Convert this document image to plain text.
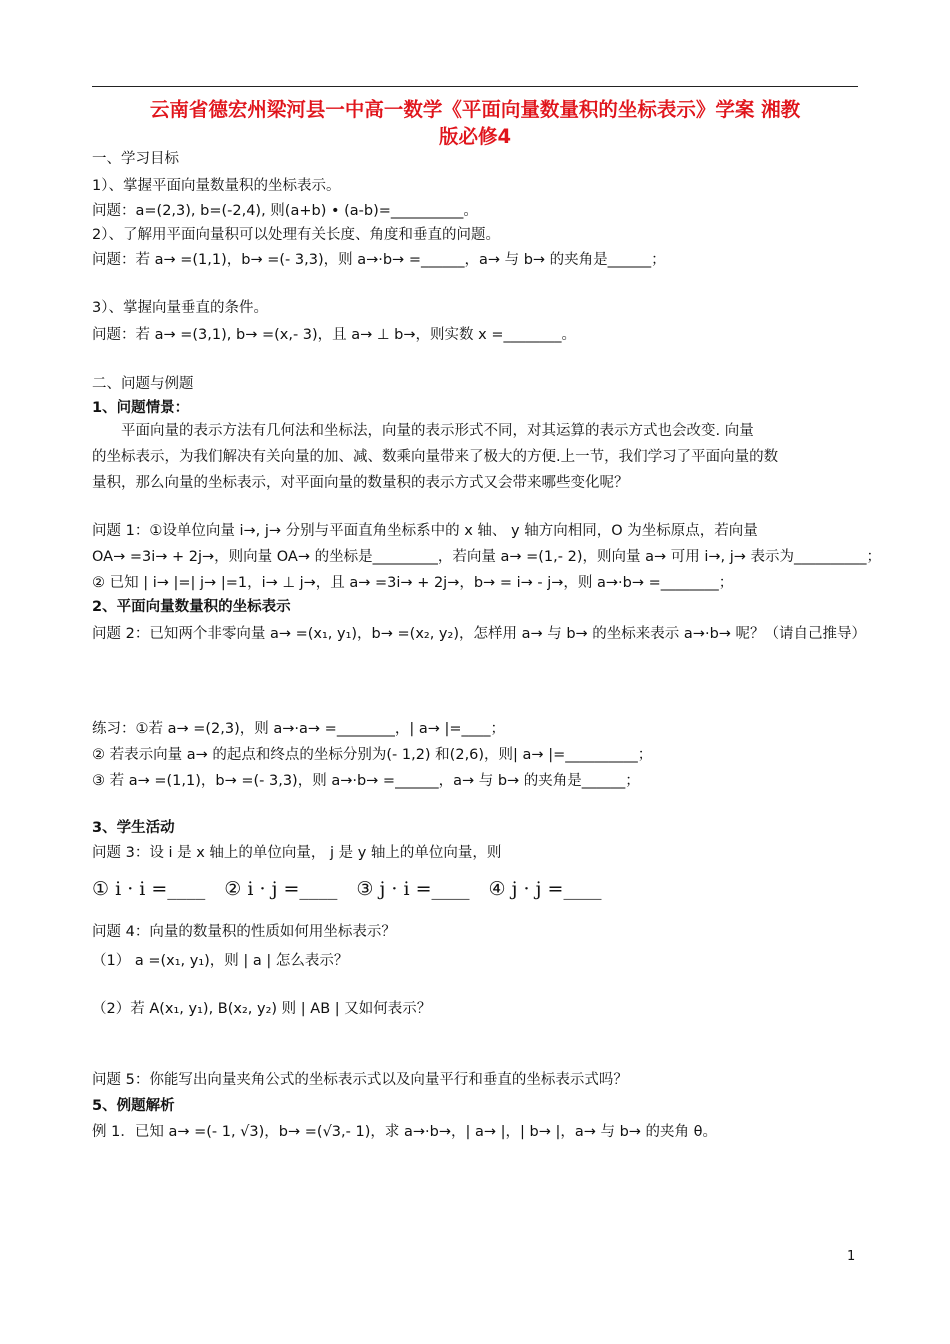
云南省德宏州梁河县一中高一数学《平面向量数量积的坐标表示》学案 湘教
版必修4
一、学习目标
1）、掌握平面向量数量积的坐标表示。
问题：a=(2,3), b=(-2,4), 则(a+b) • (a-b)=__________。
2）、了解用平面向量积可以处理有关长度、角度和垂直的问题。
问题：若 a→ =(1,1)，b→ =(- 3,3)，则 a→·b→ =______，a→ 与 b→ 的夹角是______；
3）、掌握向量垂直的条件。
问题：若 a→ =(3,1), b→ =(x,- 3)，且 a→ ⊥ b→，则实数 x =________。
二、问题与例题
1、问题情景：
平面向量的表示方法有几何法和坐标法，向量的表示形式不同，对其运算的表示方式也会改变. 向量
的坐标表示，为我们解决有关向量的加、减、数乘向量带来了极大的方便.上一节，我们学习了平面向量的数
量积，那么向量的坐标表示，对平面向量的数量积的表示方式又会带来哪些变化呢？
问题 1：①设单位向量 i→, j→ 分别与平面直角坐标系中的 x 轴、 y 轴方向相同，O 为坐标原点，若向量
OA→ =3i→ + 2j→，则向量 OA→ 的坐标是_________，若向量 a→ =(1,- 2)，则向量 a→ 可用 i→, j→ 表示为__________；
② 已知 | i→ |=| j→ |=1，i→ ⊥ j→，且 a→ =3i→ + 2j→，b→ = i→ - j→，则 a→·b→ =________；
2、平面向量数量积的坐标表示
问题 2：已知两个非零向量 a→ =(x₁, y₁)，b→ =(x₂, y₂)，怎样用 a→ 与 b→ 的坐标来表示 a→·b→ 呢？（请自己推导）
练习：①若 a→ =(2,3)，则 a→·a→ =________，| a→ |=____；
② 若表示向量 a→ 的起点和终点的坐标分别为(- 1,2) 和(2,6)，则| a→ |=__________；
③ 若 a→ =(1,1)，b→ =(- 3,3)，则 a→·b→ =______，a→ 与 b→ 的夹角是______；
3、学生活动
问题 3：设 i 是 x 轴上的单位向量， j 是 y 轴上的单位向量，则
① i · i =____　② i · j =____　③ j · i =____　④ j · j =____
问题 4：向量的数量积的性质如何用坐标表示？
（1） a =(x₁, y₁)，则 | a | 怎么表示？
（2）若 A(x₁, y₁), B(x₂, y₂) 则 | AB | 又如何表示？
问题 5：你能写出向量夹角公式的坐标表示式以及向量平行和垂直的坐标表示式吗？
5、例题解析
例 1．已知 a→ =(- 1, √3)，b→ =(√3,- 1)，求 a→·b→，| a→ |，| b→ |，a→ 与 b→ 的夹角 θ。
1
